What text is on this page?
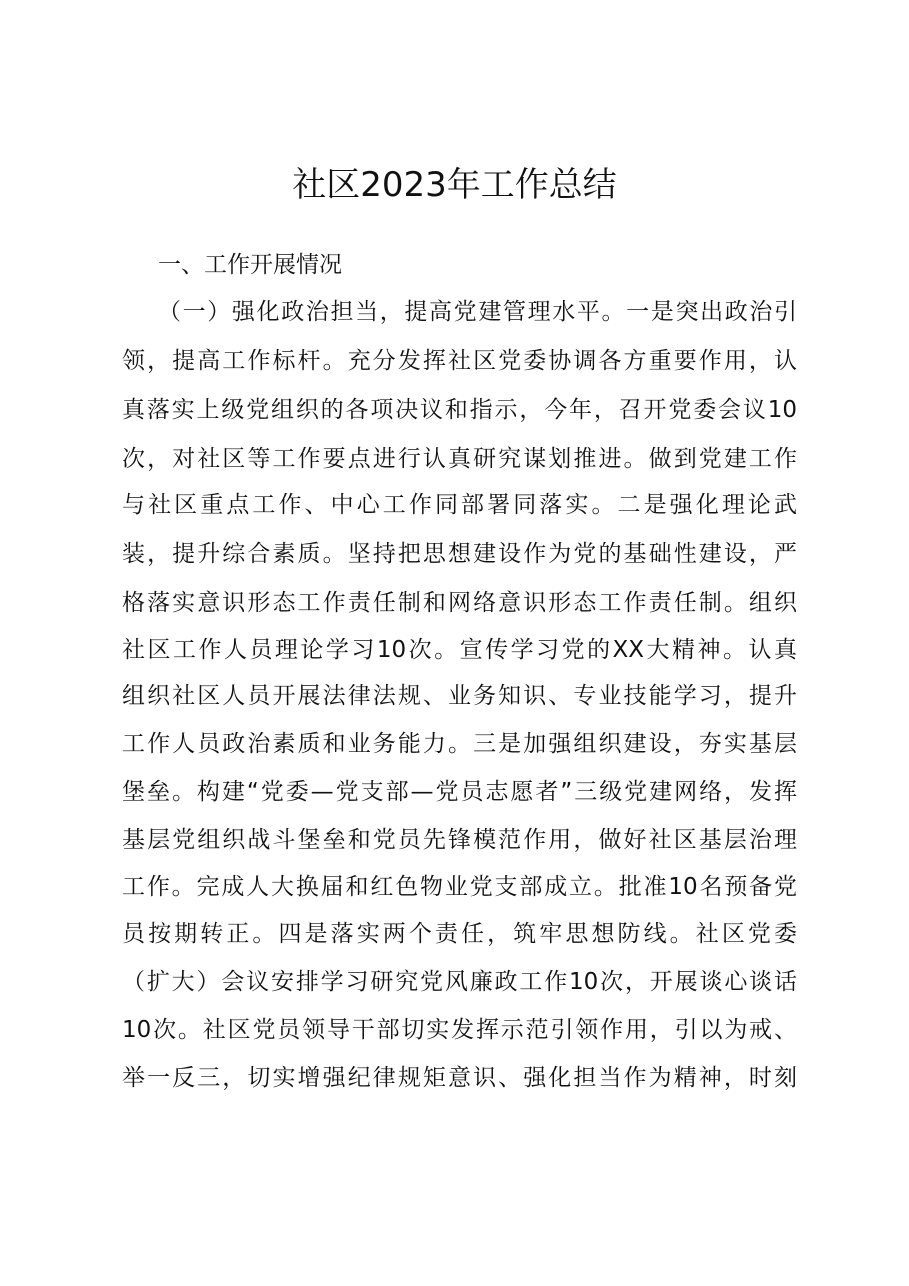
社区2023年工作总结
一、工作开展情况
（一）强化政治担当，提高党建管理水平。一是突出政治引
领，提高工作标杆。充分发挥社区党委协调各方重要作用，认
真落实上级党组织的各项决议和指示，今年，召开党委会议10
次，对社区等工作要点进行认真研究谋划推进。做到党建工作
与社区重点工作、中心工作同部署同落实。二是强化理论武
装，提升综合素质。坚持把思想建设作为党的基础性建设，严
格落实意识形态工作责任制和网络意识形态工作责任制。组织
社区工作人员理论学习10次。宣传学习党的XX大精神。认真
组织社区人员开展法律法规、业务知识、专业技能学习，提升
工作人员政治素质和业务能力。三是加强组织建设，夯实基层
堡垒。构建“党委—党支部—党员志愿者”三级党建网络，发挥
基层党组织战斗堡垒和党员先锋模范作用，做好社区基层治理
工作。完成人大换届和红色物业党支部成立。批准10名预备党
员按期转正。四是落实两个责任，筑牢思想防线。社区党委
（扩大）会议安排学习研究党风廉政工作10次，开展谈心谈话
10次。社区党员领导干部切实发挥示范引领作用，引以为戒、
举一反三，切实增强纪律规矩意识、强化担当作为精神，时刻
